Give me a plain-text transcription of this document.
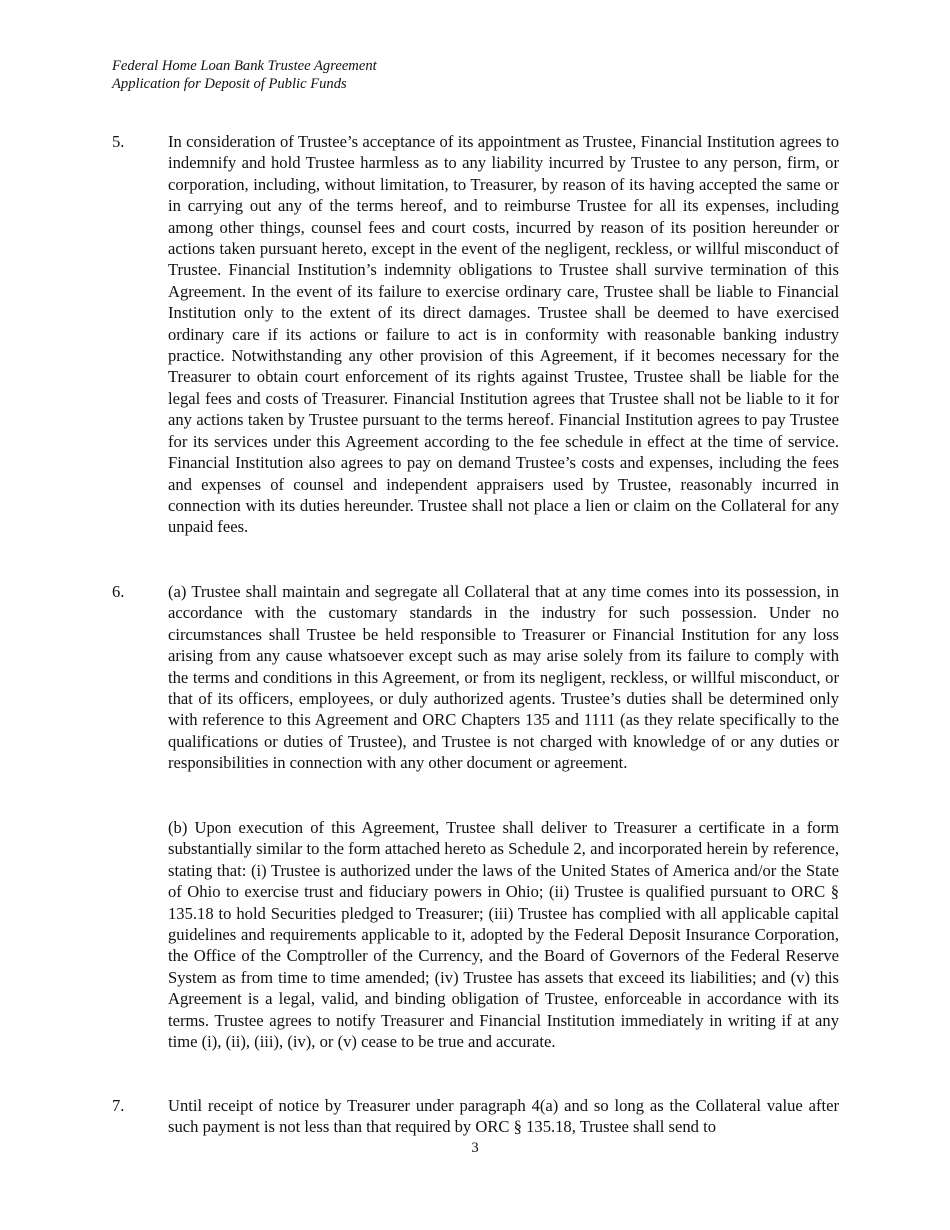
Federal Home Loan Bank Trustee Agreement
Application for Deposit of Public Funds
5.	In consideration of Trustee’s acceptance of its appointment as Trustee, Financial Institution agrees to indemnify and hold Trustee harmless as to any liability incurred by Trustee to any person, firm, or corporation, including, without limitation, to Treasurer, by reason of its having accepted the same or in carrying out any of the terms hereof, and to reimburse Trustee for all its expenses, including among other things, counsel fees and court costs, incurred by reason of its position hereunder or actions taken pursuant hereto, except in the event of the negligent, reckless, or willful misconduct of Trustee. Financial Institution’s indemnity obligations to Trustee shall survive termination of this Agreement. In the event of its failure to exercise ordinary care, Trustee shall be liable to Financial Institution only to the extent of its direct damages. Trustee shall be deemed to have exercised ordinary care if its actions or failure to act is in conformity with reasonable banking industry practice. Notwithstanding any other provision of this Agreement, if it becomes necessary for the Treasurer to obtain court enforcement of its rights against Trustee, Trustee shall be liable for the legal fees and costs of Treasurer. Financial Institution agrees that Trustee shall not be liable to it for any actions taken by Trustee pursuant to the terms hereof. Financial Institution agrees to pay Trustee for its services under this Agreement according to the fee schedule in effect at the time of service. Financial Institution also agrees to pay on demand Trustee’s costs and expenses, including the fees and expenses of counsel and independent appraisers used by Trustee, reasonably incurred in connection with its duties hereunder. Trustee shall not place a lien or claim on the Collateral for any unpaid fees.

6.	(a) Trustee shall maintain and segregate all Collateral that at any time comes into its possession, in accordance with the customary standards in the industry for such possession. Under no circumstances shall Trustee be held responsible to Treasurer or Financial Institution for any loss arising from any cause whatsoever except such as may arise solely from its failure to comply with the terms and conditions in this Agreement, or from its negligent, reckless, or willful misconduct, or that of its officers, employees, or duly authorized agents. Trustee’s duties shall be determined only with reference to this Agreement and ORC Chapters 135 and 1111 (as they relate specifically to the qualifications or duties of Trustee), and Trustee is not charged with knowledge of or any duties or responsibilities in connection with any other document or agreement.

(b) Upon execution of this Agreement, Trustee shall deliver to Treasurer a certificate in a form substantially similar to the form attached hereto as Schedule 2, and incorporated herein by reference, stating that: (i) Trustee is authorized under the laws of the United States of America and/or the State of Ohio to exercise trust and fiduciary powers in Ohio; (ii) Trustee is qualified pursuant to ORC § 135.18 to hold Securities pledged to Treasurer; (iii) Trustee has complied with all applicable capital guidelines and requirements applicable to it, adopted by the Federal Deposit Insurance Corporation, the Office of the Comptroller of the Currency, and the Board of Governors of the Federal Reserve System as from time to time amended; (iv) Trustee has assets that exceed its liabilities; and (v) this Agreement is a legal, valid, and binding obligation of Trustee, enforceable in accordance with its terms. Trustee agrees to notify Treasurer and Financial Institution immediately in writing if at any time (i), (ii), (iii), (iv), or (v) cease to be true and accurate.

7.	Until receipt of notice by Treasurer under paragraph 4(a) and so long as the Collateral value after such payment is not less than that required by ORC § 135.18, Trustee shall send to

3
